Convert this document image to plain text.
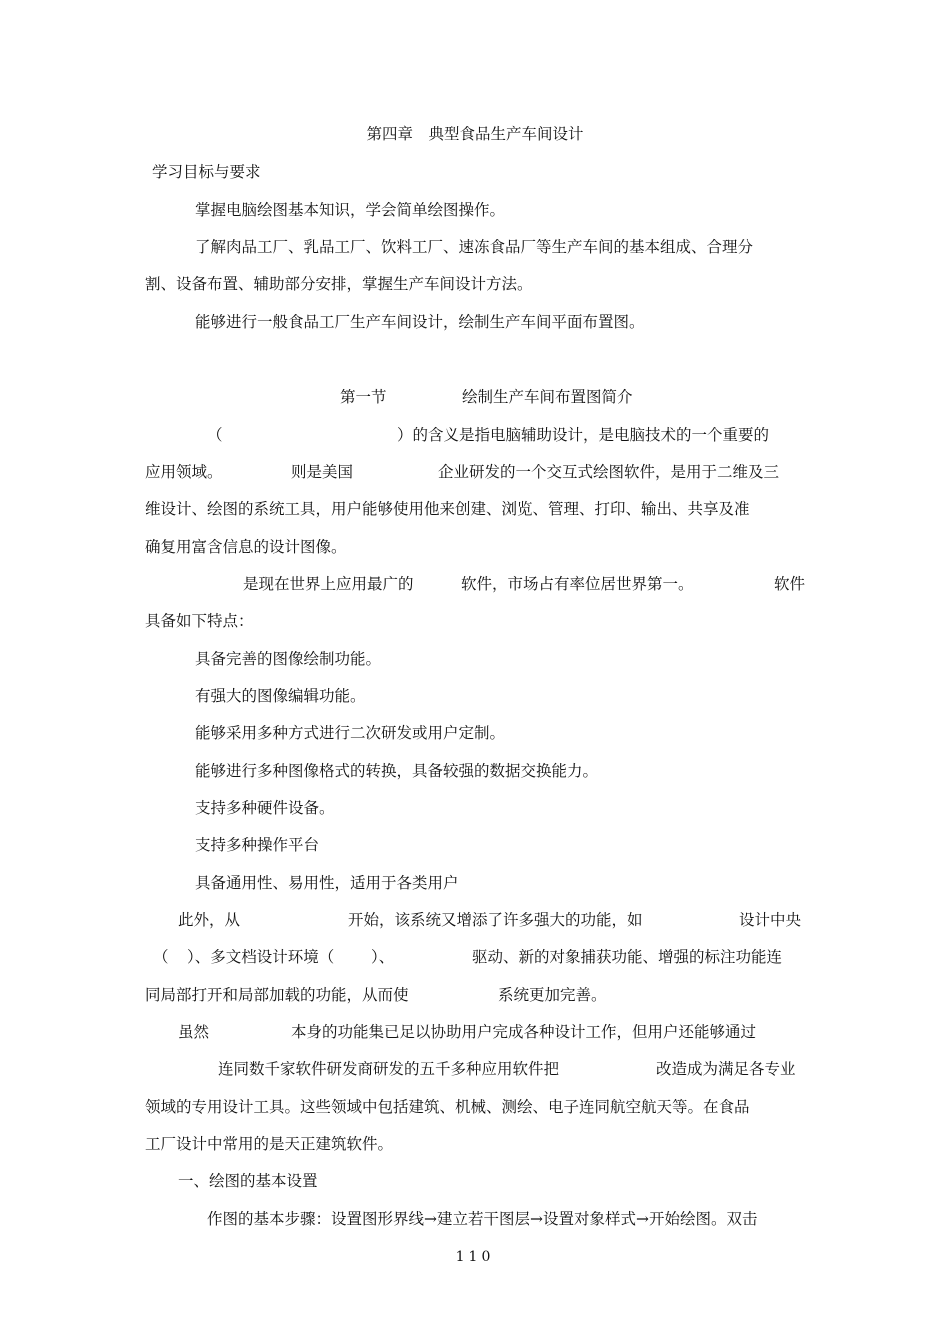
第四章　典型食品生产车间设计
学习目标与要求
掌握电脑绘图基本知识，学会简单绘图操作。
了解肉品工厂、乳品工厂、饮料工厂、速冻食品厂等生产车间的基本组成、合理分
割、设备布置、辅助部分安排，掌握生产车间设计方法。
能够进行一般食品工厂生产车间设计，绘制生产车间平面布置图。
第一节	绘制生产车间布置图简介
（	）的含义是指电脑辅助设计，是电脑技术的一个重要的
应用领域。	则是美国	企业研发的一个交互式绘图软件，是用于二维及三
维设计、绘图的系统工具，用户能够使用他来创建、浏览、管理、打印、输出、共享及准
确复用富含信息的设计图像。
是现在世界上应用最广的	软件，市场占有率位居世界第一。	软件
具备如下特点：
具备完善的图像绘制功能。
有强大的图像编辑功能。
能够采用多种方式进行二次研发或用户定制。
能够进行多种图像格式的转换，具备较强的数据交换能力。
支持多种硬件设备。
支持多种操作平台
具备通用性、易用性，适用于各类用户
此外，从	开始，该系统又增添了许多强大的功能，如	设计中央
（ ）、多文档设计环境（ ）、	驱动、新的对象捕获功能、增强的标注功能连
同局部打开和局部加载的功能，从而使	系统更加完善。
虽然	本身的功能集已足以协助用户完成各种设计工作，但用户还能够通过
连同数千家软件研发商研发的五千多种应用软件把	改造成为满足各专业
领域的专用设计工具。这些领域中包括建筑、机械、测绘、电子连同航空航天等。在食品
工厂设计中常用的是天正建筑软件。
一、绘图的基本设置
作图的基本步骤：设置图形界线→建立若干图层→设置对象样式→开始绘图。双击
110
